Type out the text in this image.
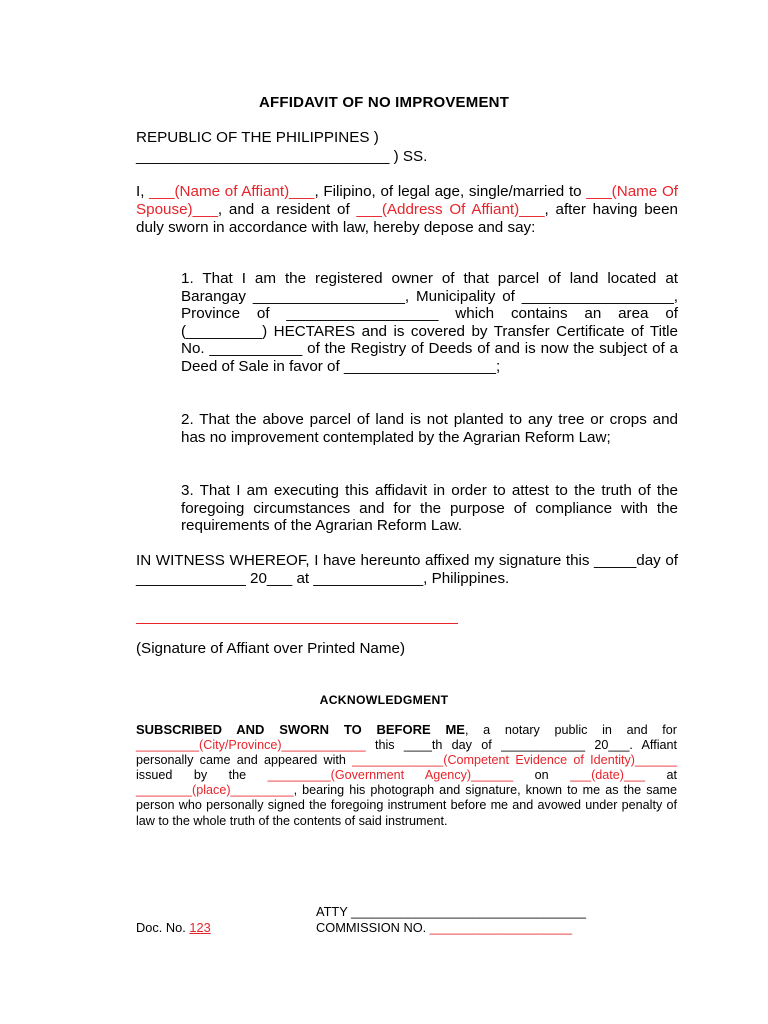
AFFIDAVIT OF NO IMPROVEMENT
REPUBLIC OF THE PHILIPPINES )
______________________________ ) SS.
I, ___(Name of Affiant)___, Filipino, of legal age, single/married to ___(Name Of Spouse)___, and a resident of ___(Address Of Affiant)___, after having been duly sworn in accordance with law, hereby depose and say:
1. That I am the registered owner of that parcel of land located at Barangay __________________, Municipality of __________________, Province of __________________ which contains an area of (_________) HECTARES and is covered by Transfer Certificate of Title No. ___________ of the Registry of Deeds of and is now the subject of a Deed of Sale in favor of __________________;
2. That the above parcel of land is not planted to any tree or crops and has no improvement contemplated by the Agrarian Reform Law;
3. That I am executing this affidavit in order to attest to the truth of the foregoing circumstances and for the purpose of compliance with the requirements of the Agrarian Reform Law.
IN WITNESS WHEREOF, I have hereunto affixed my signature this _____day of _____________ 20___ at _____________, Philippines.
(Signature of Affiant over Printed Name)
ACKNOWLEDGMENT
SUBSCRIBED AND SWORN TO BEFORE ME, a notary public in and for _________(City/Province)____________ this ____th day of ____________ 20___. Affiant personally came and appeared with _____________(Competent Evidence of Identity)______ issued by the _________(Government Agency)______ on ___(date)___ at ________(place)_________, bearing his photograph and signature, known to me as the same person who personally signed the foregoing instrument before me and avowed under penalty of law to the whole truth of the contents of said instrument.
ATTY _________________________________
Doc. No. 123	COMMISSION NO. ____________________
